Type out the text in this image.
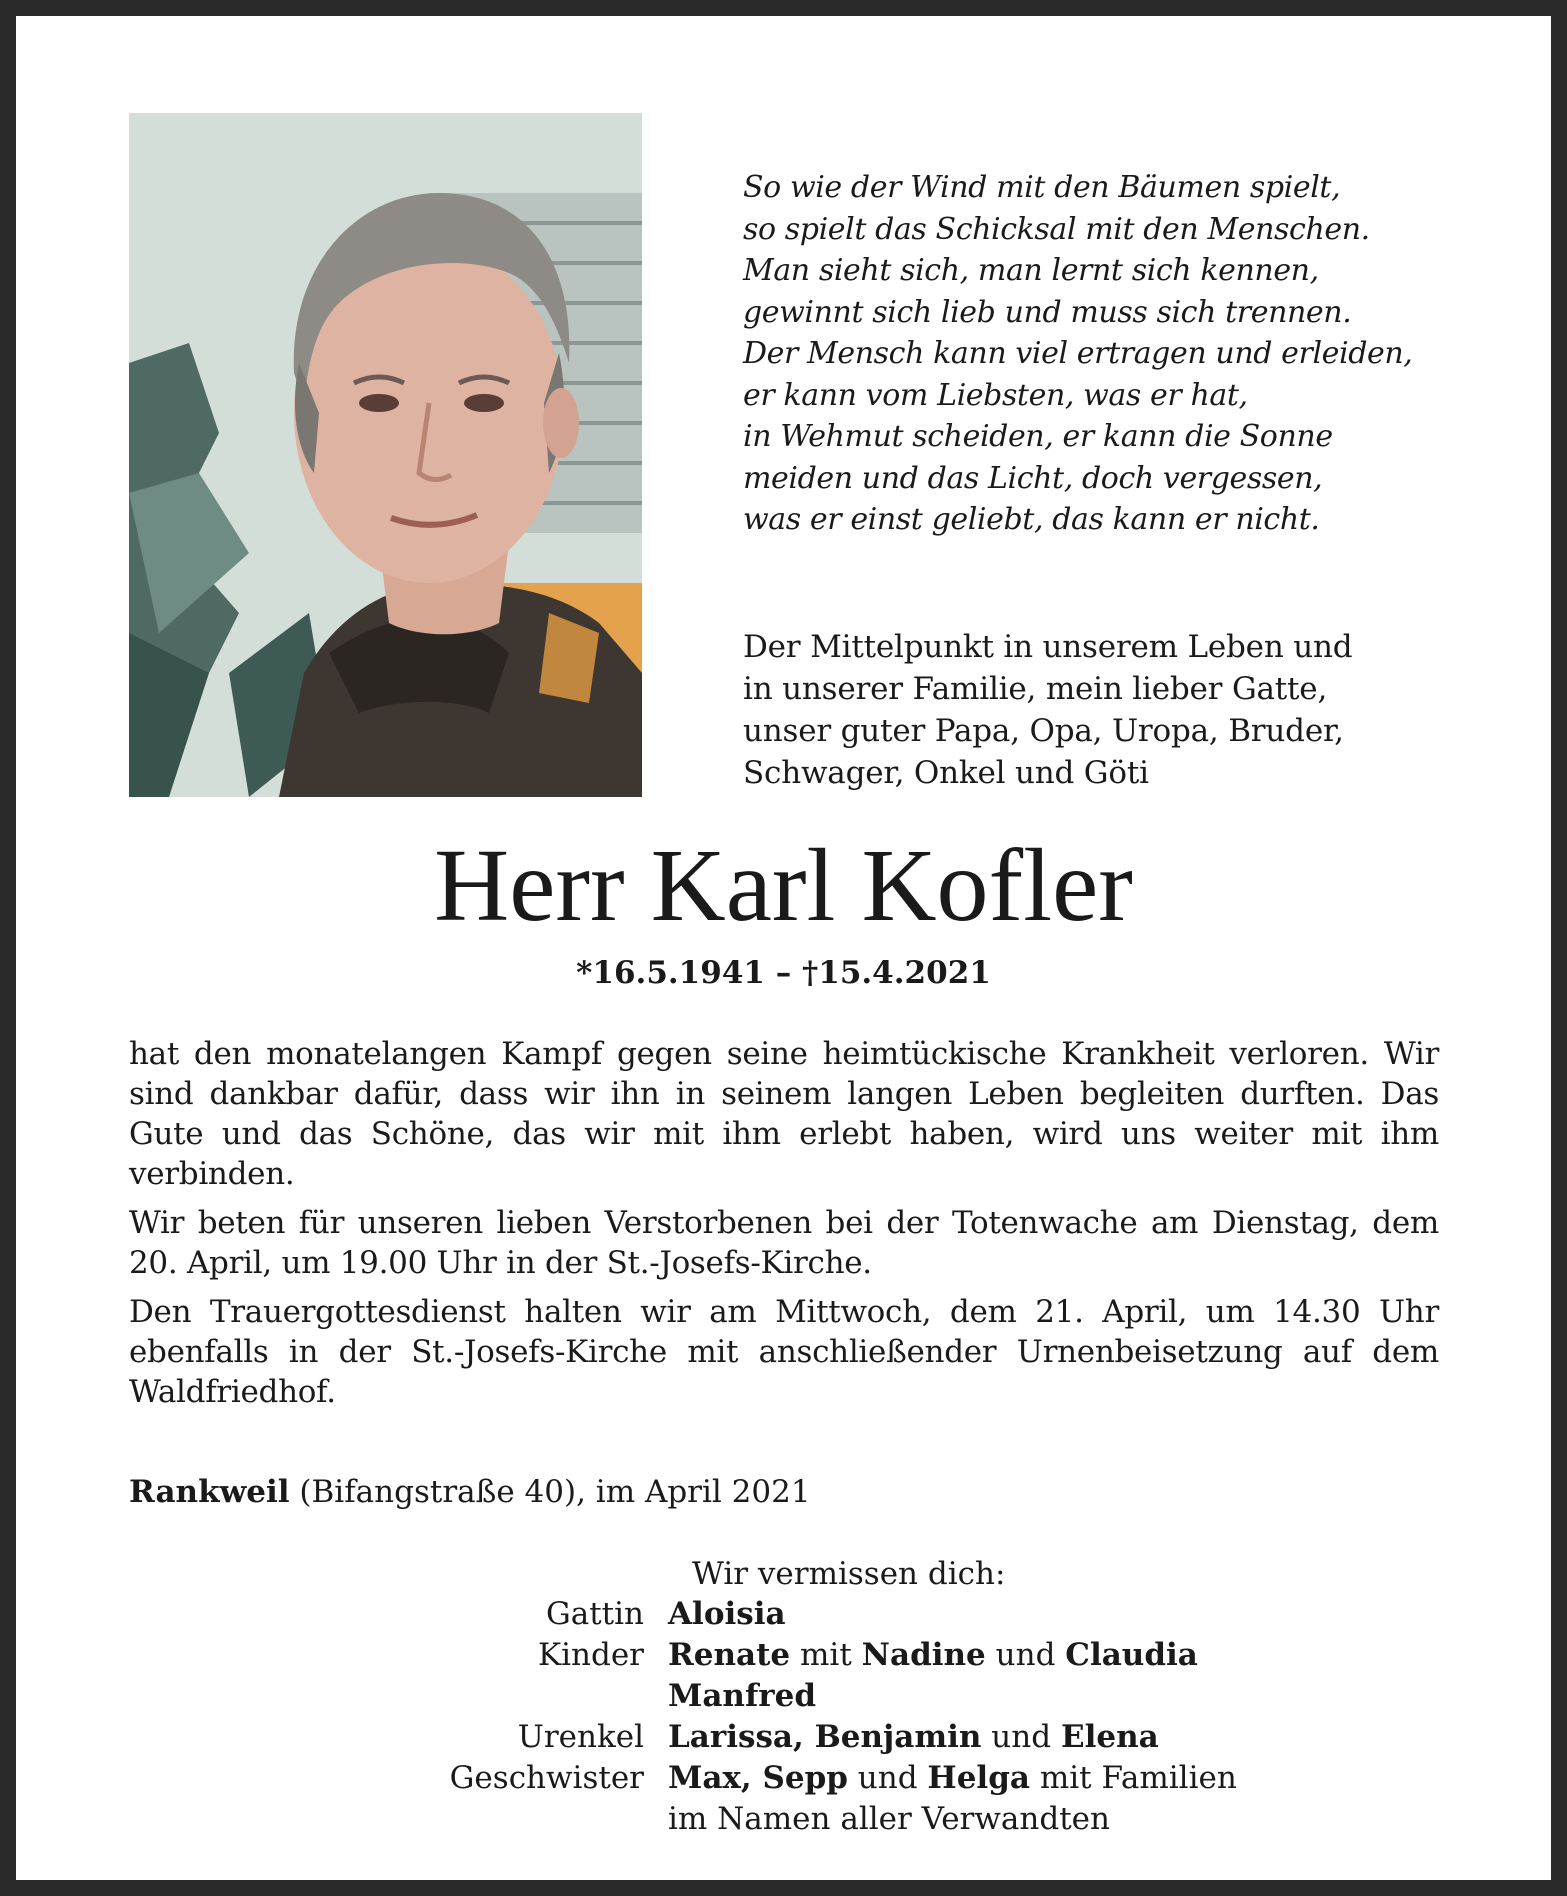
So wie der Wind mit den Bäumen spielt,
so spielt das Schicksal mit den Menschen.
Man sieht sich, man lernt sich kennen,
gewinnt sich lieb und muss sich trennen.
Der Mensch kann viel ertragen und erleiden,
er kann vom Liebsten, was er hat,
in Wehmut scheiden, er kann die Sonne
meiden und das Licht, doch vergessen,
was er einst geliebt, das kann er nicht.
Der Mittelpunkt in unserem Leben und
in unserer Familie, mein lieber Gatte,
unser guter Papa, Opa, Uropa, Bruder,
Schwager, Onkel und Göti
Herr Karl Kofler
*16.5.1941 – †15.4.2021

hat den monatelangen Kampf gegen seine heimtückische Krankheit verloren. Wir sind dankbar dafür, dass wir ihn in seinem langen Leben begleiten durften. Das Gute und das Schöne, das wir mit ihm erlebt haben, wird uns weiter mit ihm verbinden.

Wir beten für unseren lieben Verstorbenen bei der Totenwache am Dienstag, dem 20. April, um 19.00 Uhr in der St.-Josefs-Kirche.

Den Trauergottesdienst halten wir am Mittwoch, dem 21. April, um 14.30 Uhr ebenfalls in der St.-Josefs-Kirche mit anschließender Urnenbeisetzung auf dem Waldfriedhof.

Rankweil (Bifangstraße 40), im April 2021
Wir vermissen dich:
Gattin Aloisia
Kinder Renate mit Nadine und Claudia
Manfred
Urenkel Larissa, Benjamin und Elena
Geschwister Max, Sepp und Helga mit Familien
im Namen aller Verwandten
